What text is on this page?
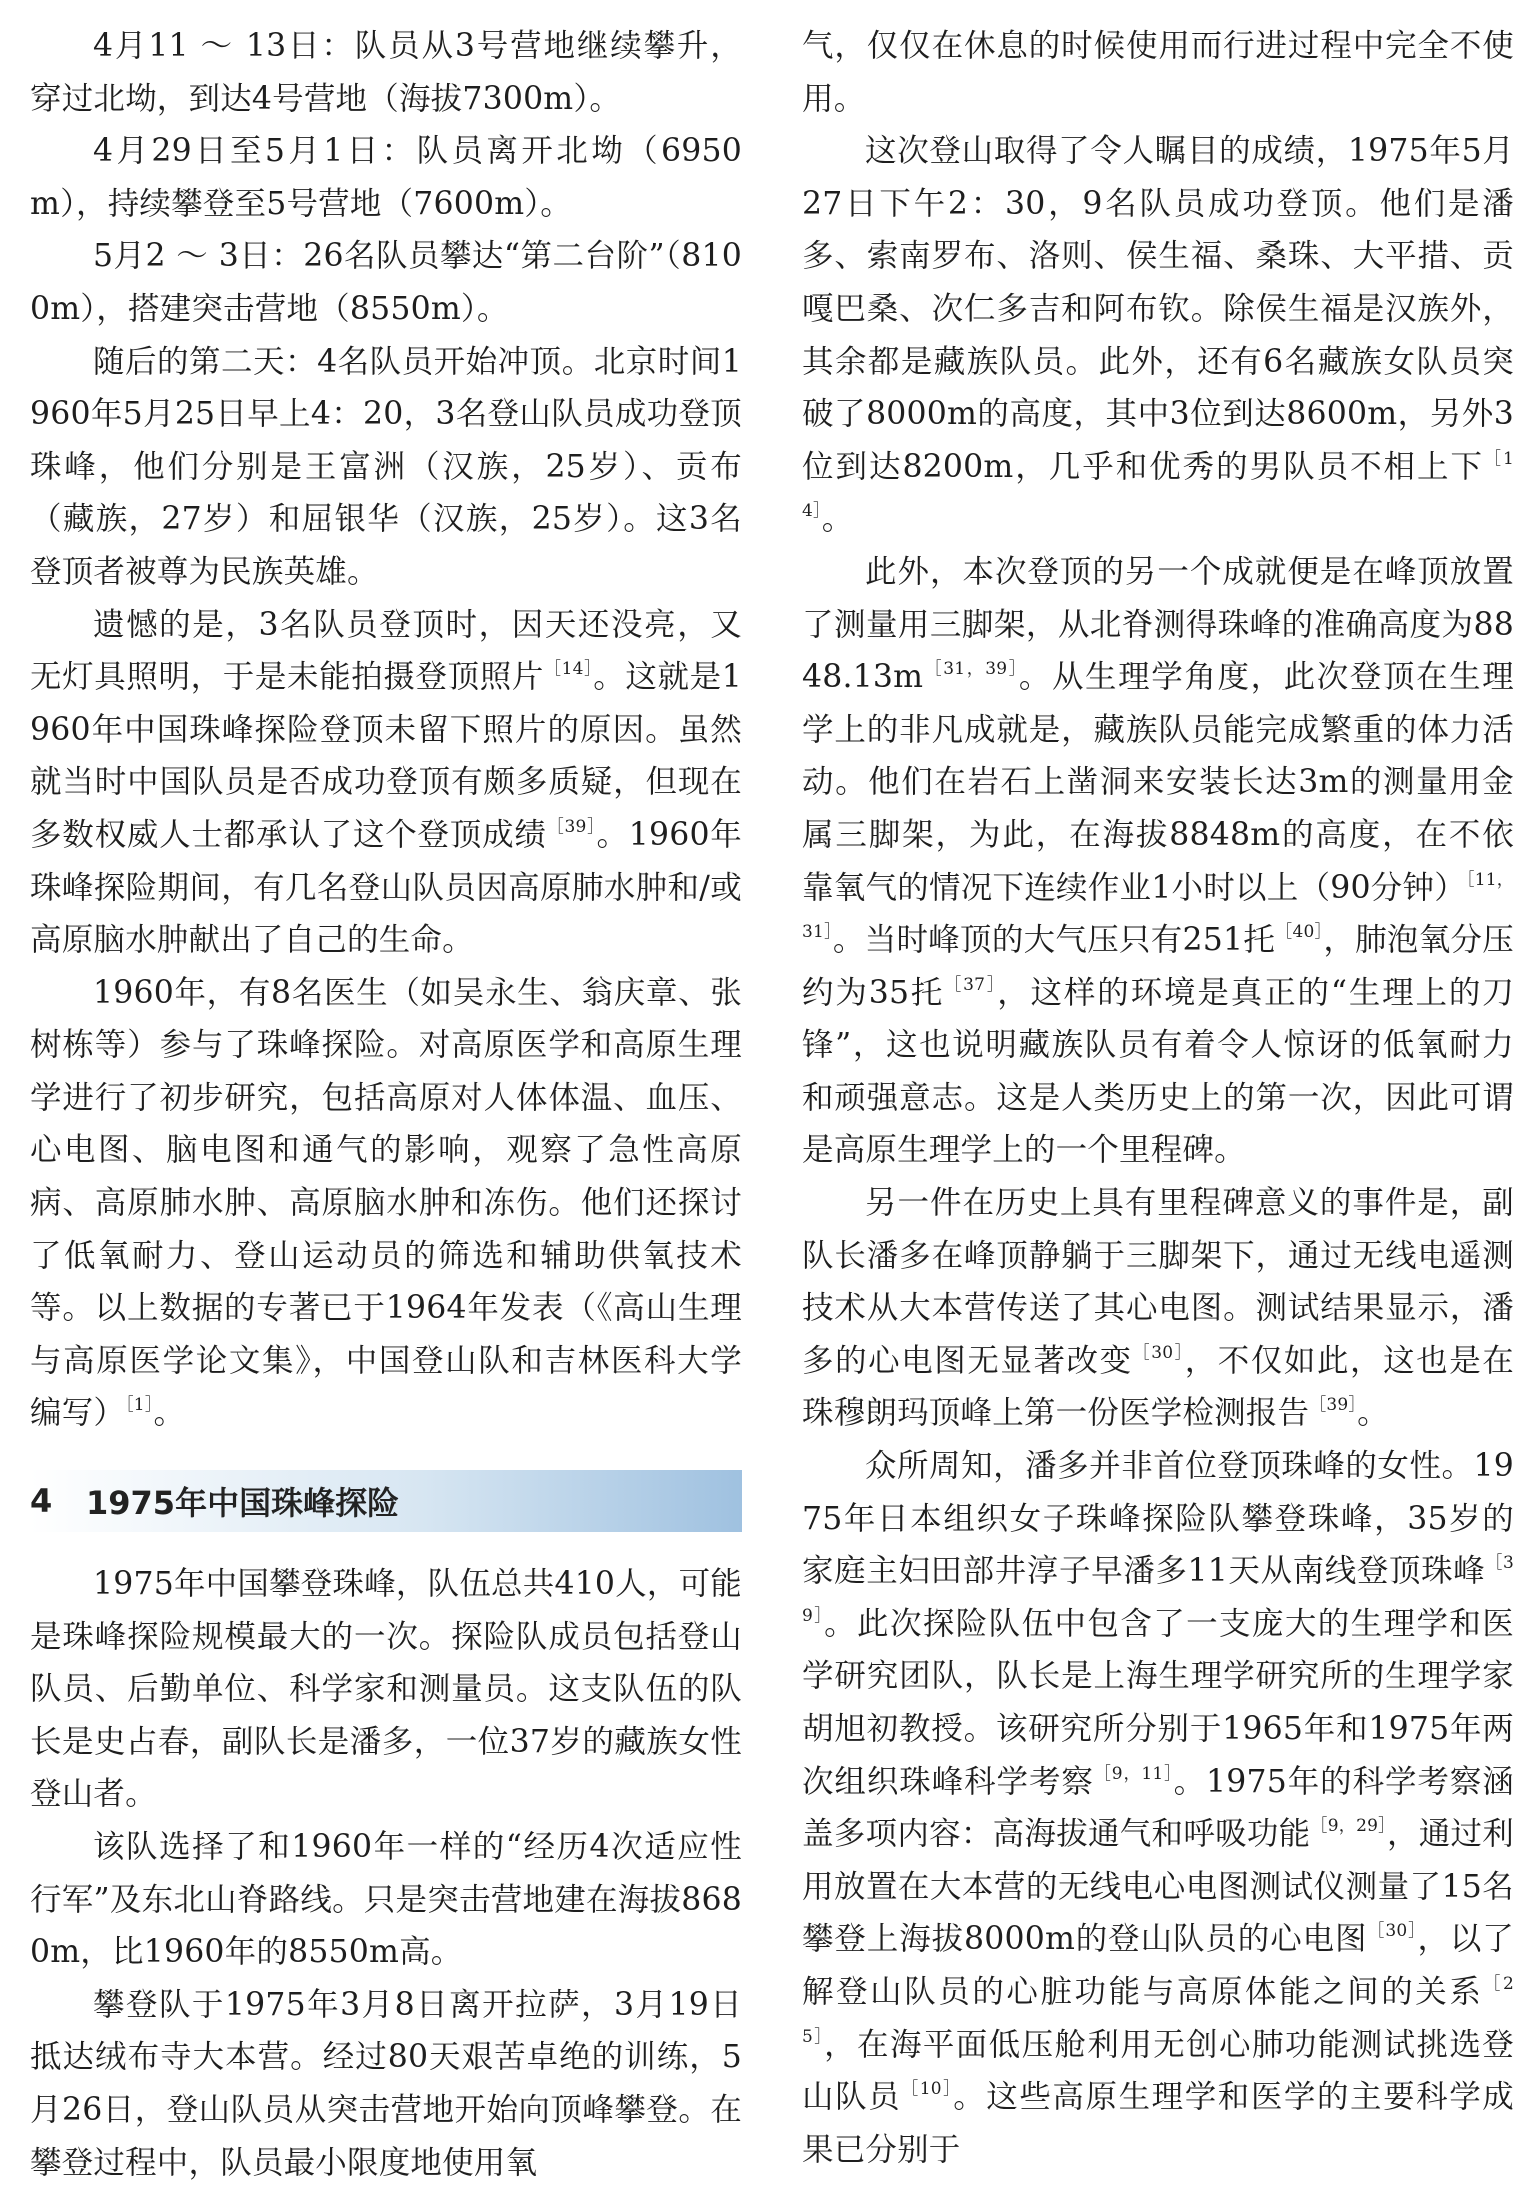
4月11 ～ 13日：队员从3号营地继续攀升，穿过北坳，到达4号营地（海拔7300m）。

4月29日至5月1日：队员离开北坳（6950m），持续攀登至5号营地（7600m）。

5月2 ～ 3日：26名队员攀达“第二台阶”（8100m），搭建突击营地（8550m）。

随后的第二天：4名队员开始冲顶。北京时间1960年5月25日早上4：20，3名登山队员成功登顶珠峰，他们分别是王富洲（汉族，25岁）、贡布（藏族，27岁）和屈银华（汉族，25岁）。这3名登顶者被尊为民族英雄。

遗憾的是，3名队员登顶时，因天还没亮，又无灯具照明，于是未能拍摄登顶照片$^{[14]}$。这就是1960年中国珠峰探险登顶未留下照片的原因。虽然就当时中国队员是否成功登顶有颇多质疑，但现在多数权威人士都承认了这个登顶成绩$^{[39]}$。1960年珠峰探险期间，有几名登山队员因高原肺水肿和/或高原脑水肿献出了自己的生命。

1960年，有8名医生（如吴永生、翁庆章、张树栋等）参与了珠峰探险。对高原医学和高原生理学进行了初步研究，包括高原对人体体温、血压、心电图、脑电图和通气的影响，观察了急性高原病、高原肺水肿、高原脑水肿和冻伤。他们还探讨了低氧耐力、登山运动员的筛选和辅助供氧技术等。以上数据的专著已于1964年发表（《高山生理与高原医学论文集》，中国登山队和吉林医科大学编写）$^{[1]}$。

4	1975年中国珠峰探险

1975年中国攀登珠峰，队伍总共410人，可能是珠峰探险规模最大的一次。探险队成员包括登山队员、后勤单位、科学家和测量员。这支队伍的队长是史占春，副队长是潘多，一位37岁的藏族女性登山者。

该队选择了和1960年一样的“经历4次适应性行军”及东北山脊路线。只是突击营地建在海拔8680m，比1960年的8550m高。

攀登队于1975年3月8日离开拉萨，3月19日抵达绒布寺大本营。经过80天艰苦卓绝的训练，5月26日，登山队员从突击营地开始向顶峰攀登。在攀登过程中，队员最小限度地使用氧

气，仅仅在休息的时候使用而行进过程中完全不使用。

这次登山取得了令人瞩目的成绩，1975年5月27日下午2：30，9名队员成功登顶。他们是潘多、索南罗布、洛则、侯生福、桑珠、大平措、贡嘎巴桑、次仁多吉和阿布钦。除侯生福是汉族外，其余都是藏族队员。此外，还有6名藏族女队员突破了8000m的高度，其中3位到达8600m，另外3位到达8200m，几乎和优秀的男队员不相上下$^{[14]}$。

此外，本次登顶的另一个成就便是在峰顶放置了测量用三脚架，从北脊测得珠峰的准确高度为$8848.13m^{[31,39]}$。从生理学角度，此次登顶在生理学上的非凡成就是，藏族队员能完成繁重的体力活动。他们在岩石上凿洞来安装长达3m的测量用金属三脚架，为此，在海拔8848m的高度，在不依靠氧气的情况下连续作业1小时以上（90分钟）$^{[11,31]}$。当时峰顶的大气压只有251托$^{[40]}$，肺泡氧分压约为35托$^{[37]}$，这样的环境是真正的“生理上的刀锋”，这也说明藏族队员有着令人惊讶的低氧耐力和顽强意志。这是人类历史上的第一次，因此可谓是高原生理学上的一个里程碑。

另一件在历史上具有里程碑意义的事件是，副队长潘多在峰顶静躺于三脚架下，通过无线电遥测技术从大本营传送了其心电图。测试结果显示，潘多的心电图无显著改变$^{[30]}$，不仅如此，这也是在珠穆朗玛顶峰上第一份医学检测报告$^{[39]}$。

众所周知，潘多并非首位登顶珠峰的女性。1975年日本组织女子珠峰探险队攀登珠峰，35岁的家庭主妇田部井淳子早潘多11天从南线登顶珠峰$^{[39]}$。此次探险队伍中包含了一支庞大的生理学和医学研究团队，队长是上海生理学研究所的生理学家胡旭初教授。该研究所分别于1965年和1975年两次组织珠峰科学考察$^{[9,11]}$。1975年的科学考察涵盖多项内容：高海拔通气和呼吸功能$^{[9,29]}$，通过利用放置在大本营的无线电心电图测试仪测量了15名攀登上海拔8000m的登山队员的心电图$^{[30]}$，以了解登山队员的心脏功能与高原体能之间的关系$^{[25]}$，在海平面低压舱利用无创心肺功能测试挑选登山队员$^{[10]}$。这些高原生理学和医学的主要科学成果已分别于
